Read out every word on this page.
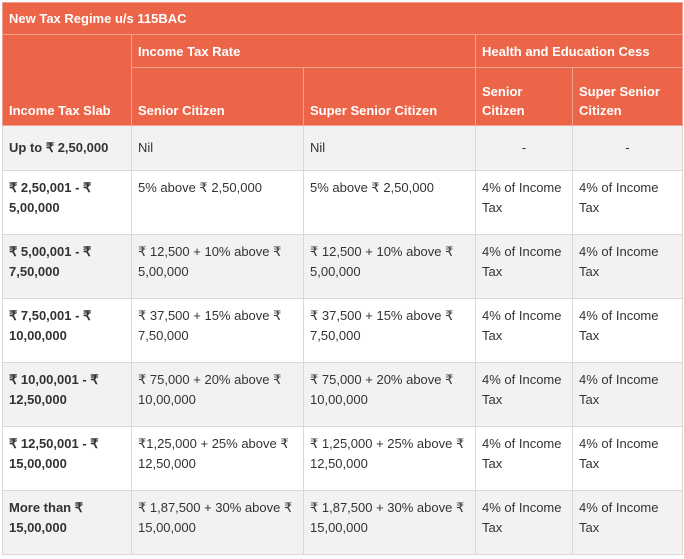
New Tax Regime u/s 115BAC				
Income Tax Slab	Income Tax Rate		Health and Education Cess	
	Senior Citizen	Super Senior Citizen	Senior Citizen	Super Senior Citizen
Up to ₹ 2,50,000	Nil	Nil	-	-
₹ 2,50,001 - ₹ 5,00,000	5% above ₹ 2,50,000	5% above ₹ 2,50,000	4% of Income Tax	4% of Income Tax
₹ 5,00,001 - ₹ 7,50,000	₹ 12,500 + 10% above ₹ 5,00,000	₹ 12,500 + 10% above ₹ 5,00,000	4% of Income Tax	4% of Income Tax
₹ 7,50,001 - ₹ 10,00,000	₹ 37,500 + 15% above ₹ 7,50,000	₹ 37,500 + 15% above ₹ 7,50,000	4% of Income Tax	4% of Income Tax
₹ 10,00,001 - ₹ 12,50,000	₹ 75,000 + 20% above ₹ 10,00,000	₹ 75,000 + 20% above ₹ 10,00,000	4% of Income Tax	4% of Income Tax
₹ 12,50,001 - ₹ 15,00,000	₹1,25,000 + 25% above ₹ 12,50,000	₹ 1,25,000 + 25% above ₹ 12,50,000	4% of Income Tax	4% of Income Tax
More than ₹ 15,00,000	₹ 1,87,500 + 30% above ₹ 15,00,000	₹ 1,87,500 + 30% above ₹ 15,00,000	4% of Income Tax	4% of Income Tax
